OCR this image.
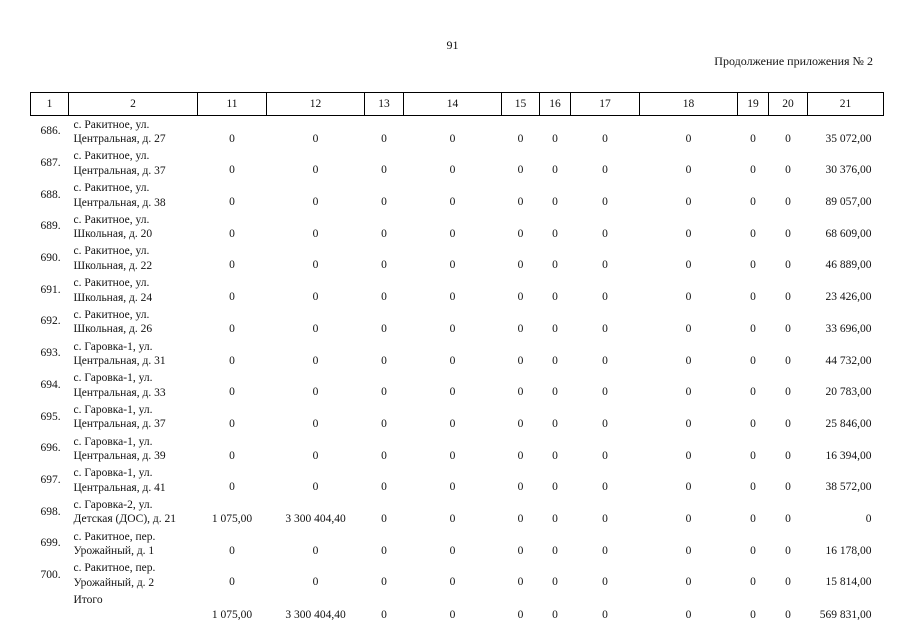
91
Продолжение приложения № 2
1	2	11	12	13	14	15	16	17	18	19	20	21
686.	с. Ракитное, ул.
Центральная, д. 27	0	0	0	0	0	0	0	0	0	0	35 072,00
687.	с. Ракитное, ул.
Центральная, д. 37	0	0	0	0	0	0	0	0	0	0	30 376,00
688.	с. Ракитное, ул.
Центральная, д. 38	0	0	0	0	0	0	0	0	0	0	89 057,00
689.	с. Ракитное, ул.
Школьная, д. 20	0	0	0	0	0	0	0	0	0	0	68 609,00
690.	с. Ракитное, ул.
Школьная, д. 22	0	0	0	0	0	0	0	0	0	0	46 889,00
691.	с. Ракитное, ул.
Школьная, д. 24	0	0	0	0	0	0	0	0	0	0	23 426,00
692.	с. Ракитное, ул.
Школьная, д. 26	0	0	0	0	0	0	0	0	0	0	33 696,00
693.	с. Гаровка-1, ул.
Центральная, д. 31	0	0	0	0	0	0	0	0	0	0	44 732,00
694.	с. Гаровка-1, ул.
Центральная, д. 33	0	0	0	0	0	0	0	0	0	0	20 783,00
695.	с. Гаровка-1, ул.
Центральная, д. 37	0	0	0	0	0	0	0	0	0	0	25 846,00
696.	с. Гаровка-1, ул.
Центральная, д. 39	0	0	0	0	0	0	0	0	0	0	16 394,00
697.	с. Гаровка-1, ул.
Центральная, д. 41	0	0	0	0	0	0	0	0	0	0	38 572,00
698.	с. Гаровка-2, ул.
Детская (ДОС), д. 21	1 075,00	3 300 404,40	0	0	0	0	0	0	0	0	0
699.	с. Ракитное, пер.
Урожайный, д. 1	0	0	0	0	0	0	0	0	0	0	16 178,00
700.	с. Ракитное, пер.
Урожайный, д. 2	0	0	0	0	0	0	0	0	0	0	15 814,00
	Итого	1 075,00	3 300 404,40	0	0	0	0	0	0	0	0	569 831,00
